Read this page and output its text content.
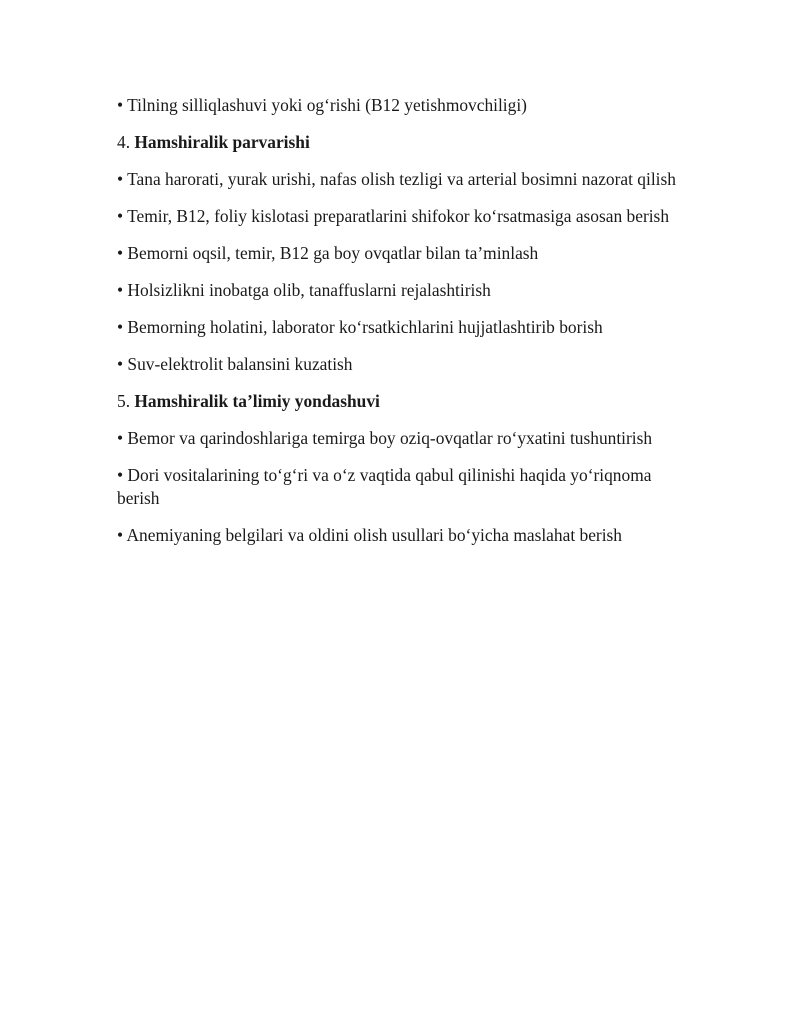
• Tilning silliqlashuvi yoki og‘rishi (B12 yetishmovchiligi)

4. Hamshiralik parvarishi

• Tana harorati, yurak urishi, nafas olish tezligi va arterial bosimni nazorat qilish

• Temir, B12, foliy kislotasi preparatlarini shifokor ko‘rsatmasiga asosan berish

• Bemorni oqsil, temir, B12 ga boy ovqatlar bilan ta’minlash

• Holsizlikni inobatga olib, tanaffuslarni rejalashtirish

• Bemorning holatini, laborator ko‘rsatkichlarini hujjatlashtirib borish

• Suv-elektrolit balansini kuzatish

5. Hamshiralik ta’limiy yondashuvi

• Bemor va qarindoshlariga temirga boy oziq-ovqatlar ro‘yxatini tushuntirish

• Dori vositalarining to‘g‘ri va o‘z vaqtida qabul qilinishi haqida yo‘riqnoma berish

• Anemiyaning belgilari va oldini olish usullari bo‘yicha maslahat berish
